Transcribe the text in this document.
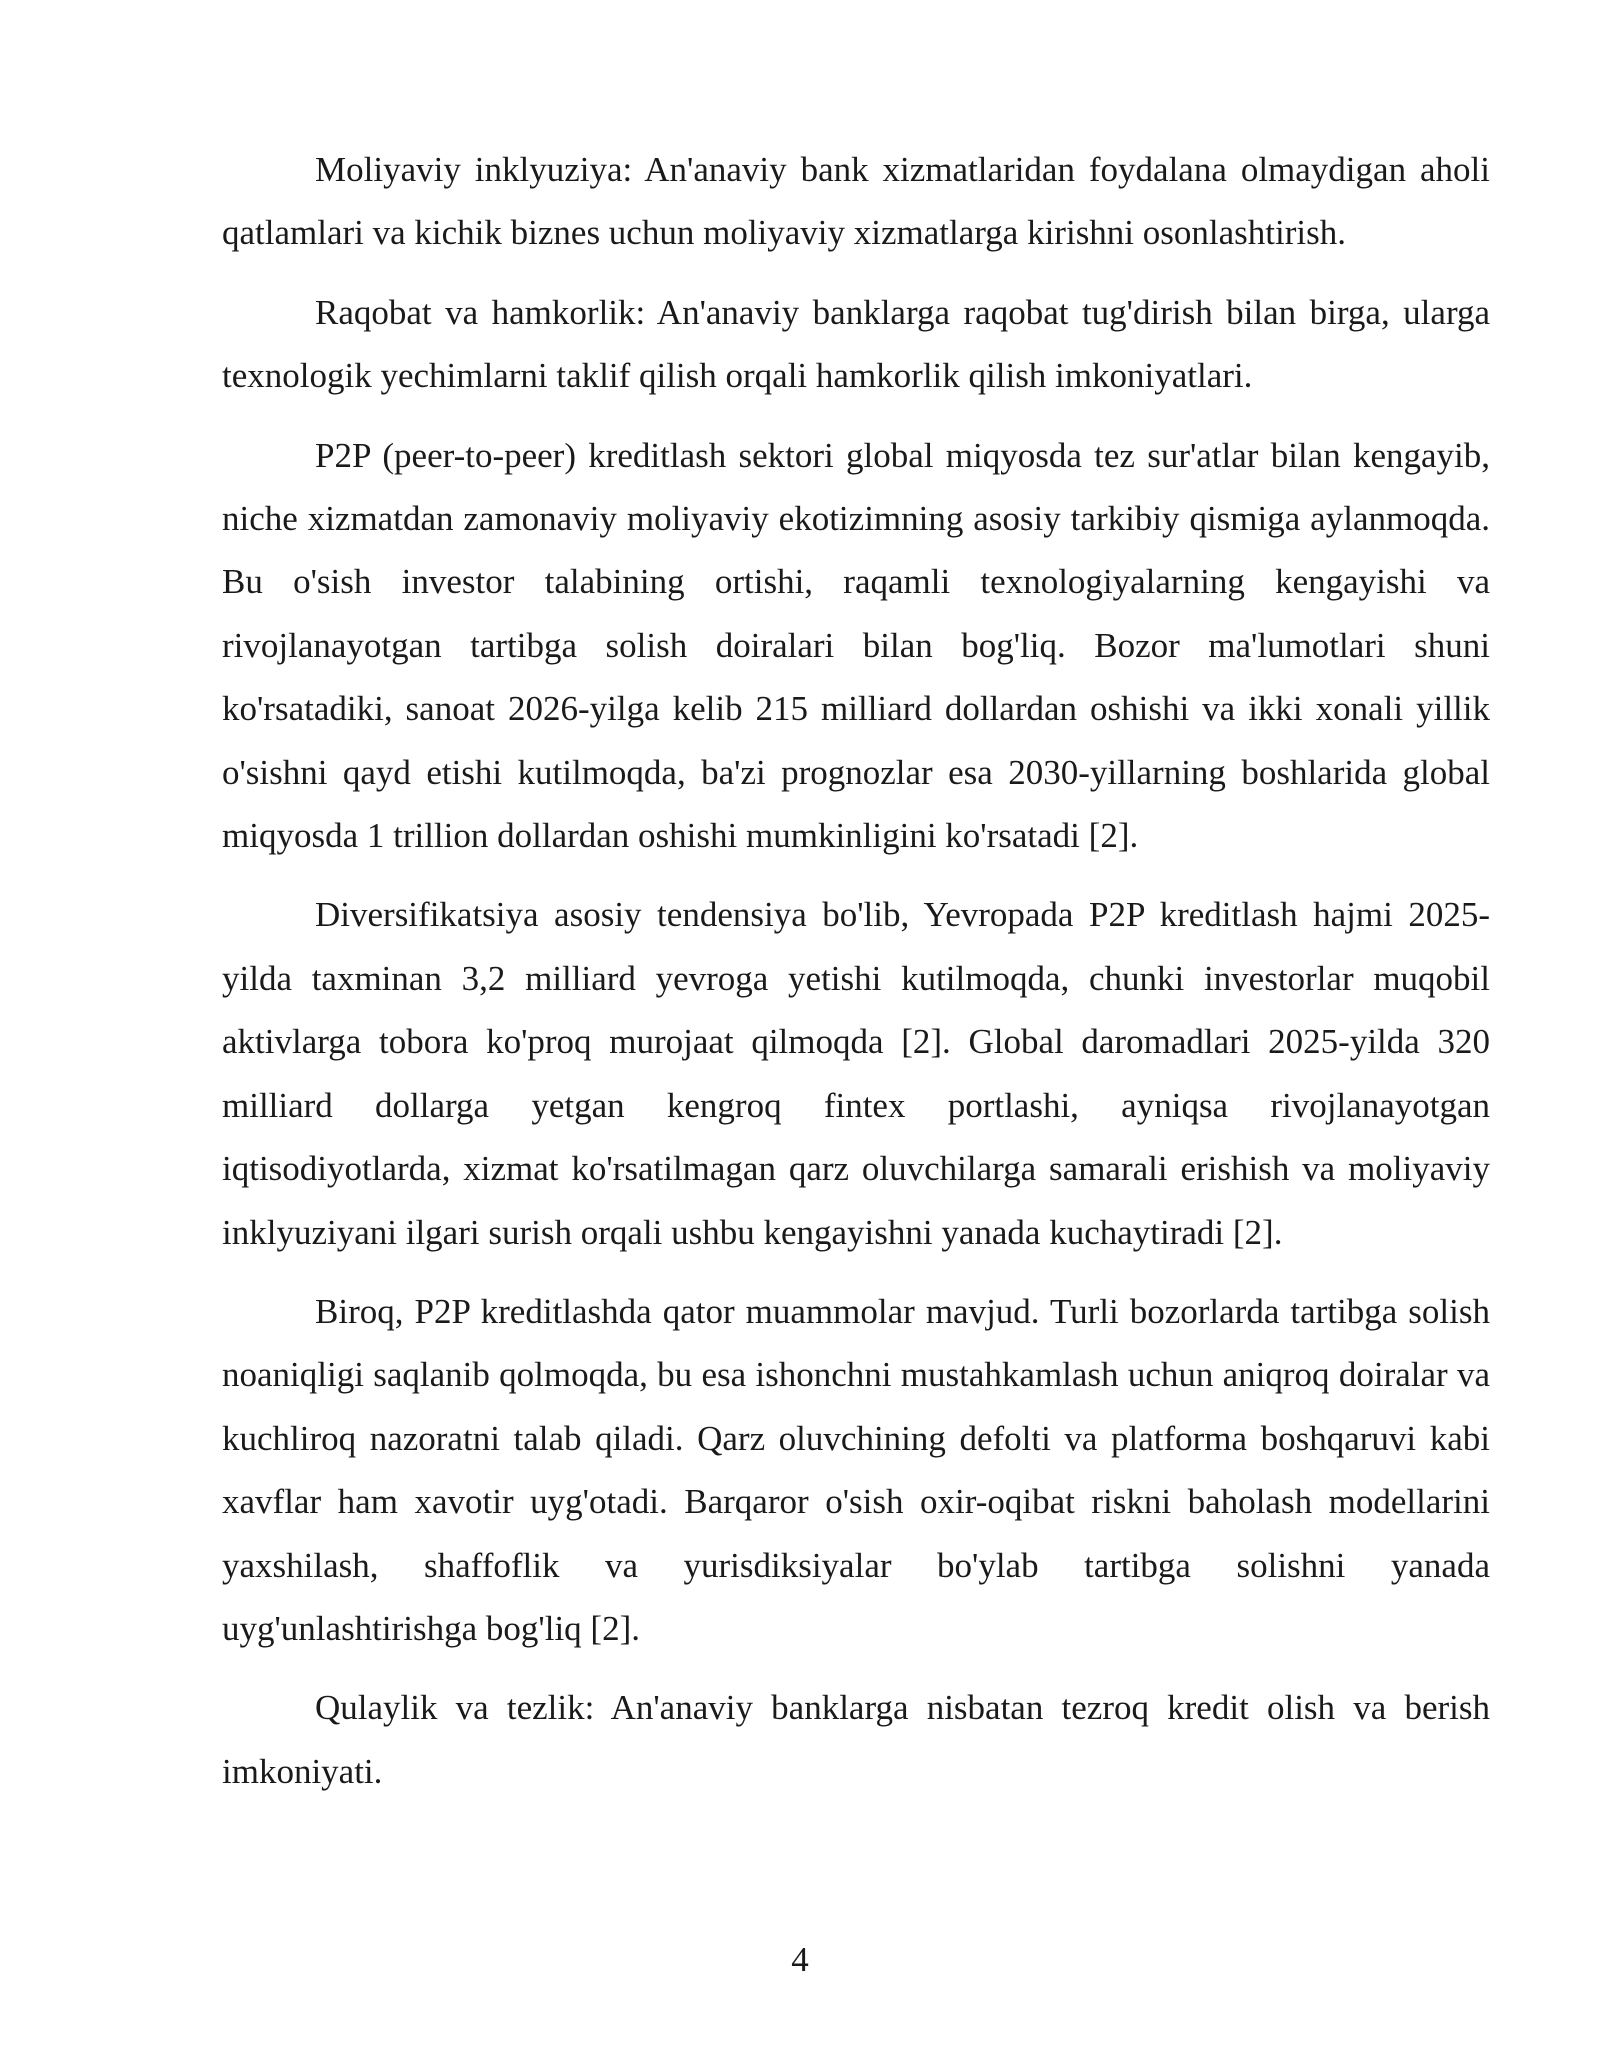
Moliyaviy inklyuziya: An'anaviy bank xizmatlaridan foydalana olmaydigan aholi qatlamlari va kichik biznes uchun moliyaviy xizmatlarga kirishni osonlashtirish.

Raqobat va hamkorlik: An'anaviy banklarga raqobat tug'dirish bilan birga, ularga texnologik yechimlarni taklif qilish orqali hamkorlik qilish imkoniyatlari.

P2P (peer-to-peer) kreditlash sektori global miqyosda tez sur'atlar bilan kengayib, niche xizmatdan zamonaviy moliyaviy ekotizimning asosiy tarkibiy qismiga aylanmoqda. Bu o'sish investor talabining ortishi, raqamli texnologiyalarning kengayishi va rivojlanayotgan tartibga solish doiralari bilan bog'liq. Bozor ma'lumotlari shuni ko'rsatadiki, sanoat 2026-yilga kelib 215 milliard dollardan oshishi va ikki xonali yillik o'sishni qayd etishi kutilmoqda, ba'zi prognozlar esa 2030-yillarning boshlarida global miqyosda 1 trillion dollardan oshishi mumkinligini ko'rsatadi [2].

Diversifikatsiya asosiy tendensiya bo'lib, Yevropada P2P kreditlash hajmi 2025-yilda taxminan 3,2 milliard yevroga yetishi kutilmoqda, chunki investorlar muqobil aktivlarga tobora ko'proq murojaat qilmoqda [2]. Global daromadlari 2025-yilda 320 milliard dollarga yetgan kengroq fintex portlashi, ayniqsa rivojlanayotgan iqtisodiyotlarda, xizmat ko'rsatilmagan qarz oluvchilarga samarali erishish va moliyaviy inklyuziyani ilgari surish orqali ushbu kengayishni yanada kuchaytiradi [2].

Biroq, P2P kreditlashda qator muammolar mavjud. Turli bozorlarda tartibga solish noaniqligi saqlanib qolmoqda, bu esa ishonchni mustahkamlash uchun aniqroq doiralar va kuchliroq nazoratni talab qiladi. Qarz oluvchining defolti va platforma boshqaruvi kabi xavflar ham xavotir uyg'otadi. Barqaror o'sish oxir-oqibat riskni baholash modellarini yaxshilash, shaffoflik va yurisdiksiyalar bo'ylab tartibga solishni yanada uyg'unlashtirishga bog'liq [2].

Qulaylik va tezlik: An'anaviy banklarga nisbatan tezroq kredit olish va berish imkoniyati.

4
